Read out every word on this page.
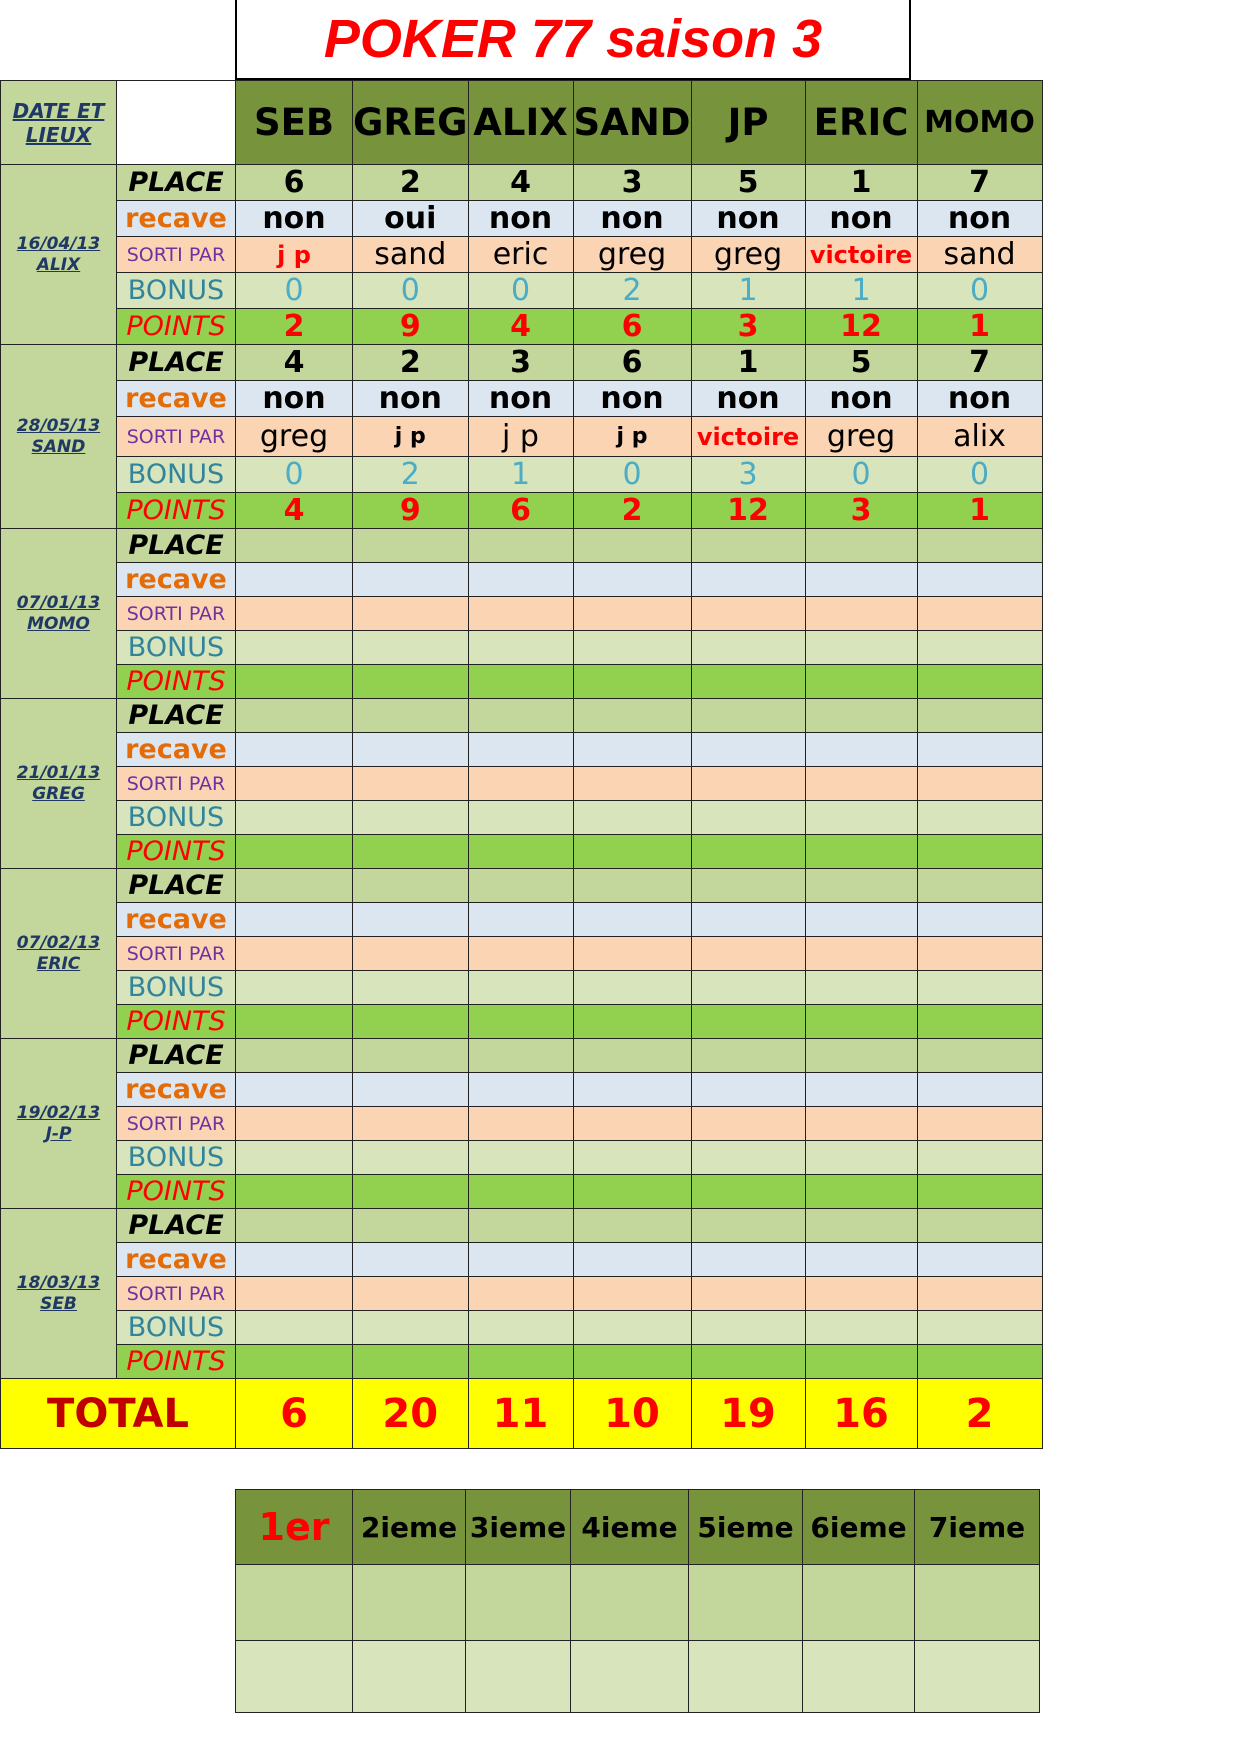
POKER 77 saison 3
DATE ET LIEUX		SEB	GREG	ALIX	SAND	JP	ERIC	MOMO

16/04/13
ALIX	PLACE	6	2	4	3	5	1	7
	recave	non	oui	non	non	non	non	non
	SORTI PAR	j p	sand	eric	greg	greg	victoire	sand
	BONUS	0	0	0	2	1	1	0
	POINTS	2	9	4	6	3	12	1

28/05/13
SAND	PLACE	4	2	3	6	1	5	7
	recave	non	non	non	non	non	non	non
	SORTI PAR	greg	j p	j p	j p	victoire	greg	alix
	BONUS	0	2	1	0	3	0	0
	POINTS	4	9	6	2	12	3	1

07/01/13
MOMO	PLACE							
	recave							
	SORTI PAR							
	BONUS							
	POINTS							

21/01/13
GREG	PLACE							
	recave							
	SORTI PAR							
	BONUS							
	POINTS							

07/02/13
ERIC	PLACE							
	recave							
	SORTI PAR							
	BONUS							
	POINTS							

19/02/13
J-P	PLACE							
	recave							
	SORTI PAR							
	BONUS							
	POINTS							

18/03/13
SEB	PLACE							
	recave							
	SORTI PAR							
	BONUS							
	POINTS							
TOTAL		6	20	11	10	19	16	2
1er	2ieme	3ieme	4ieme	5ieme	6ieme	7ieme
